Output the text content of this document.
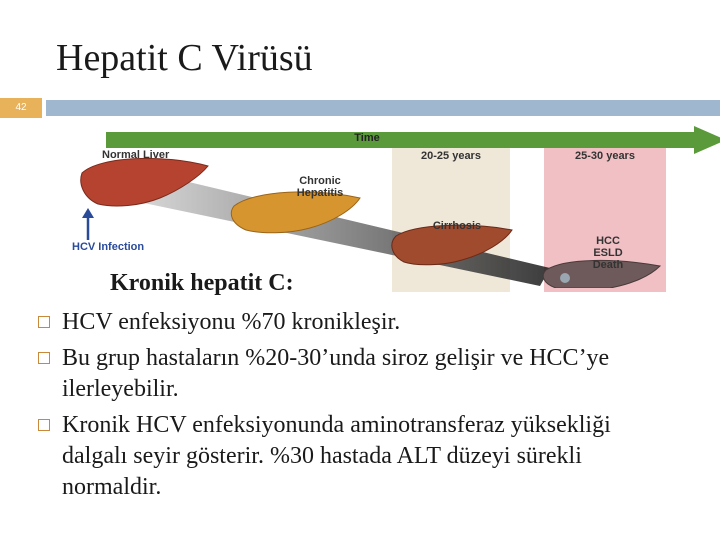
Hepatit C Virüsü
42
Time
Normal Liver
HCV Infection
Chronic
Hepatitis
20-25 years	25-30 years
Cirrhosis
HCC
ESLD
Death
Kronik hepatit C:
HCV enfeksiyonu %70 kronikleşir.
Bu grup hastaların %20-30’unda siroz gelişir ve HCC’ye ilerleyebilir.
Kronik HCV enfeksiyonunda aminotransferaz yüksekliği dalgalı seyir gösterir. %30 hastada ALT düzeyi sürekli normaldir.
